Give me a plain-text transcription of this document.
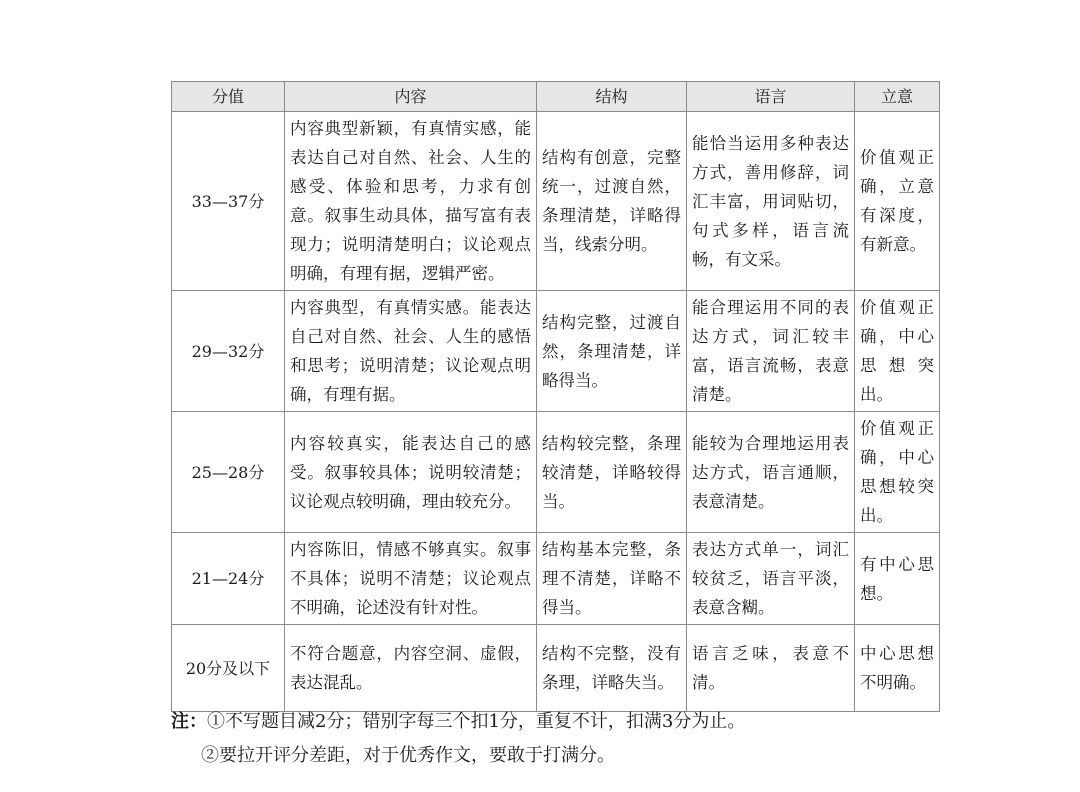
分值	内容	结构	语言	立意
33—37分	内容典型新颖，有真情实感，能表达自己对自然、社会、人生的感受、体验和思考，力求有创意。叙事生动具体，描写富有表现力；说明清楚明白；议论观点明确，有理有据，逻辑严密。	结构有创意，完整统一，过渡自然，条理清楚，详略得当，线索分明。	能恰当运用多种表达方式，善用修辞，词汇丰富，用词贴切，句式多样，语言流畅，有文采。	价值观正确，立意有深度，有新意。
29—32分	内容典型，有真情实感。能表达自己对自然、社会、人生的感悟和思考；说明清楚；议论观点明确，有理有据。	结构完整，过渡自然，条理清楚，详略得当。	能合理运用不同的表达方式，词汇较丰富，语言流畅，表意清楚。	价值观正确，中心思想突出。
25—28分	内容较真实，能表达自己的感受。叙事较具体；说明较清楚；议论观点较明确，理由较充分。	结构较完整，条理较清楚，详略较得当。	能较为合理地运用表达方式，语言通顺，表意清楚。	价值观正确，中心思想较突出。
21—24分	内容陈旧，情感不够真实。叙事不具体；说明不清楚；议论观点不明确，论述没有针对性。	结构基本完整，条理不清楚，详略不得当。	表达方式单一，词汇较贫乏，语言平淡，表意含糊。	有中心思想。
20分及以下	不符合题意，内容空洞、虚假，表达混乱。	结构不完整，没有条理，详略失当。	语言乏味，表意不清。	中心思想不明确。
注：①不写题目减2分；错别字每三个扣1分，重复不计，扣满3分为止。
②要拉开评分差距，对于优秀作文，要敢于打满分。
